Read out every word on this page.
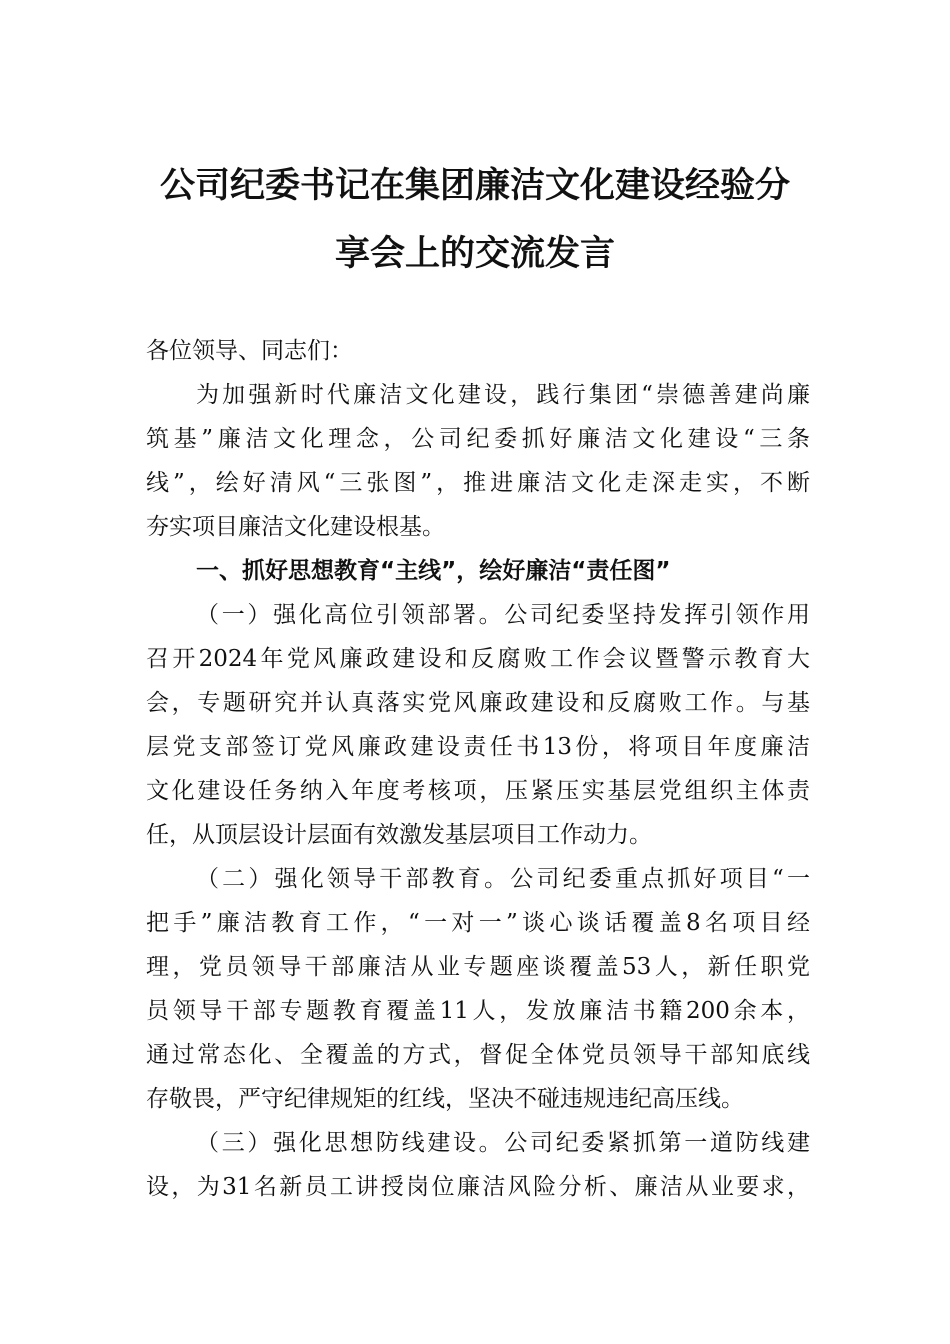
公司纪委书记在集团廉洁文化建设经验分
享会上的交流发言
各位领导、同志们：
为加强新时代廉洁文化建设，践行集团“崇德善建尚廉
筑基”廉洁文化理念，公司纪委抓好廉洁文化建设“三条
线”，绘好清风“三张图”，推进廉洁文化走深走实，不断
夯实项目廉洁文化建设根基。
一、抓好思想教育“主线”，绘好廉洁“责任图”
（一）强化高位引领部署。公司纪委坚持发挥引领作用
召开2024年党风廉政建设和反腐败工作会议暨警示教育大
会，专题研究并认真落实党风廉政建设和反腐败工作。与基
层党支部签订党风廉政建设责任书13份，将项目年度廉洁
文化建设任务纳入年度考核项，压紧压实基层党组织主体责
任，从顶层设计层面有效激发基层项目工作动力。
（二）强化领导干部教育。公司纪委重点抓好项目“一
把手”廉洁教育工作，“一对一”谈心谈话覆盖8名项目经
理，党员领导干部廉洁从业专题座谈覆盖53人，新任职党
员领导干部专题教育覆盖11人，发放廉洁书籍200余本，
通过常态化、全覆盖的方式，督促全体党员领导干部知底线
存敬畏，严守纪律规矩的红线，坚决不碰违规违纪高压线。
（三）强化思想防线建设。公司纪委紧抓第一道防线建
设，为31名新员工讲授岗位廉洁风险分析、廉洁从业要求，
